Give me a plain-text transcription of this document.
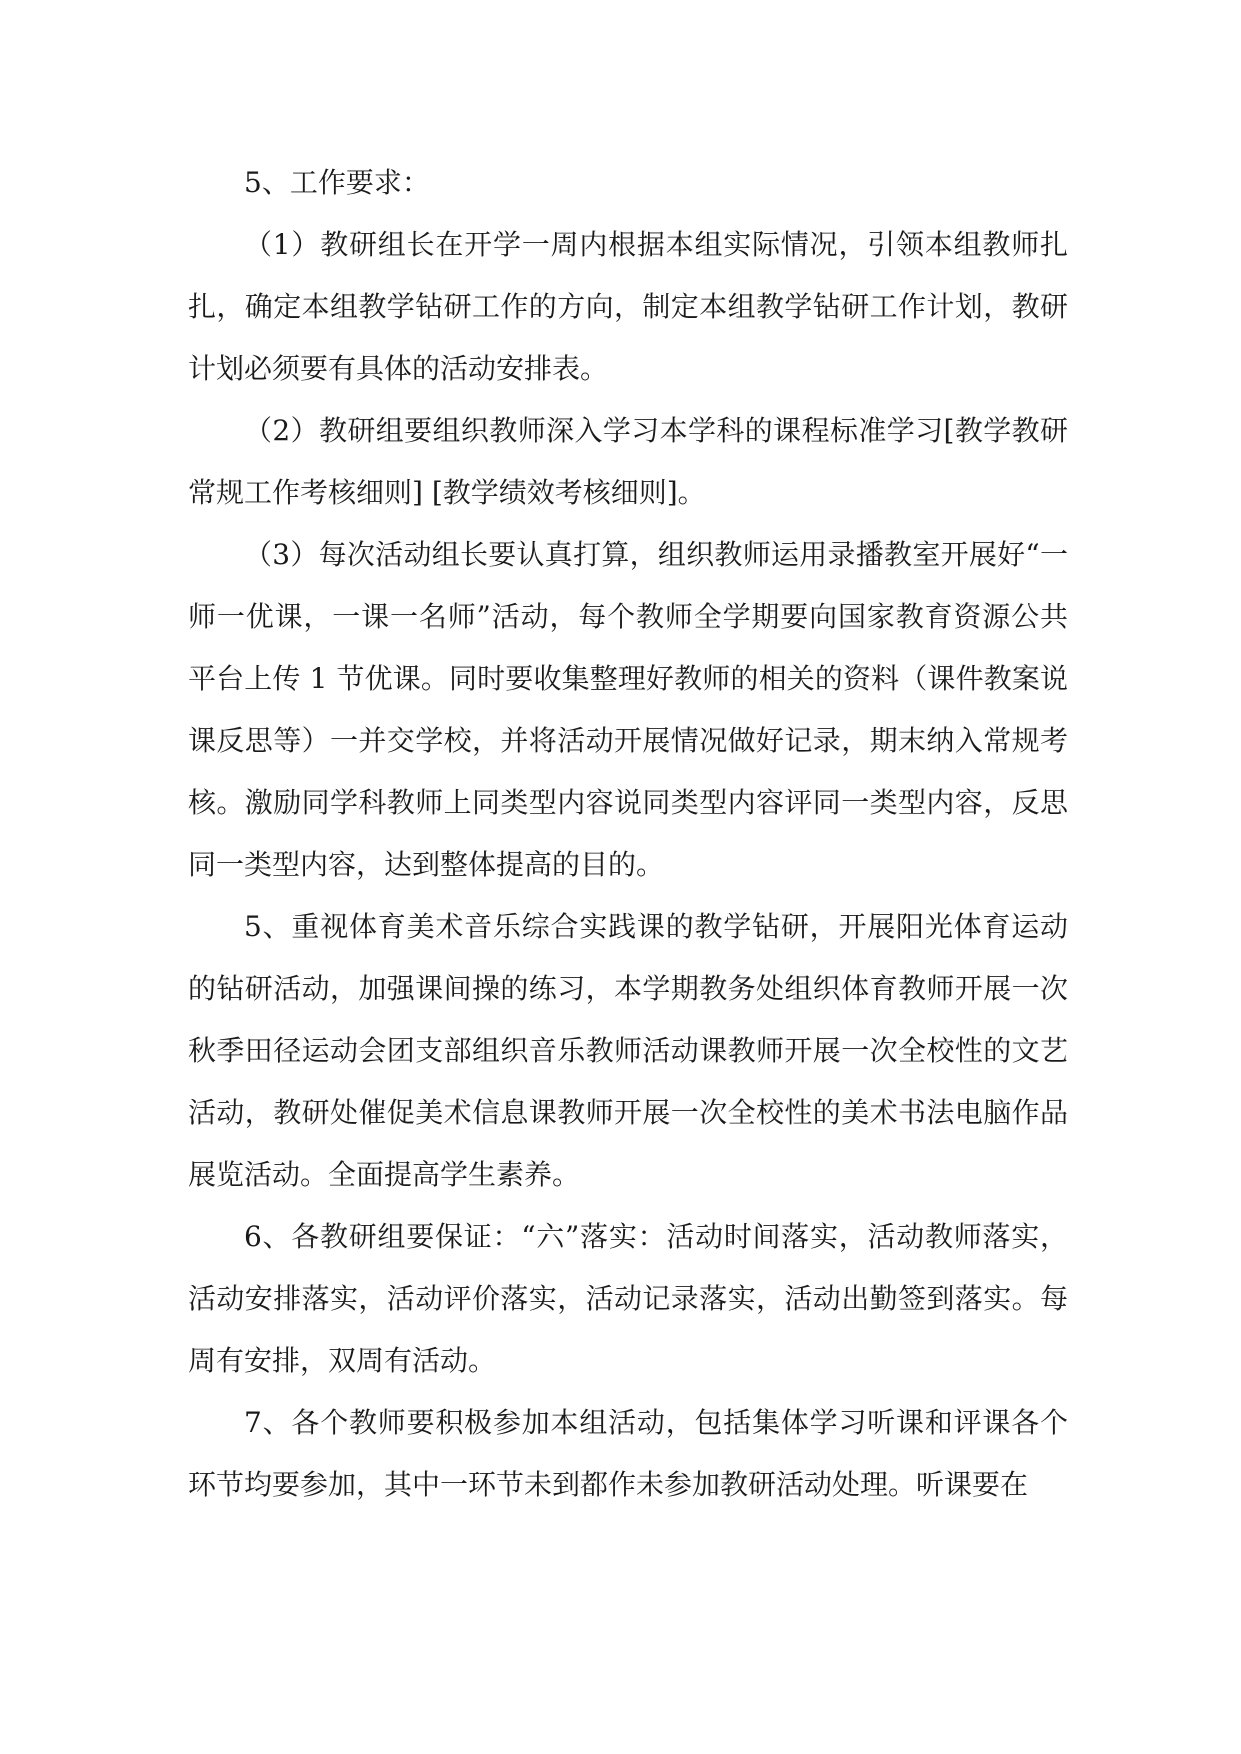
5、工作要求：

（1）教研组长在开学一周内根据本组实际情况，引领本组教师扎扎，确定本组教学钻研工作的方向，制定本组教学钻研工作计划，教研计划必须要有具体的活动安排表。

（2）教研组要组织教师深入学习本学科的课程标准学习[教学教研常规工作考核细则] [教学绩效考核细则]。

（3）每次活动组长要认真打算，组织教师运用录播教室开展好“一师一优课，一课一名师”活动，每个教师全学期要向国家教育资源公共平台上传 1 节优课。同时要收集整理好教师的相关的资料（课件教案说课反思等）一并交学校，并将活动开展情况做好记录，期末纳入常规考核。激励同学科教师上同类型内容说同类型内容评同一类型内容，反思同一类型内容，达到整体提高的目的。

5、重视体育美术音乐综合实践课的教学钻研，开展阳光体育运动的钻研活动，加强课间操的练习，本学期教务处组织体育教师开展一次秋季田径运动会团支部组织音乐教师活动课教师开展一次全校性的文艺活动，教研处催促美术信息课教师开展一次全校性的美术书法电脑作品展览活动。全面提高学生素养。

6、各教研组要保证：“六”落实：活动时间落实，活动教师落实，活动安排落实，活动评价落实，活动记录落实，活动出勤签到落实。每周有安排，双周有活动。

7、各个教师要积极参加本组活动，包括集体学习听课和评课各个环节均要参加，其中一环节未到都作未参加教研活动处理。听课要在
